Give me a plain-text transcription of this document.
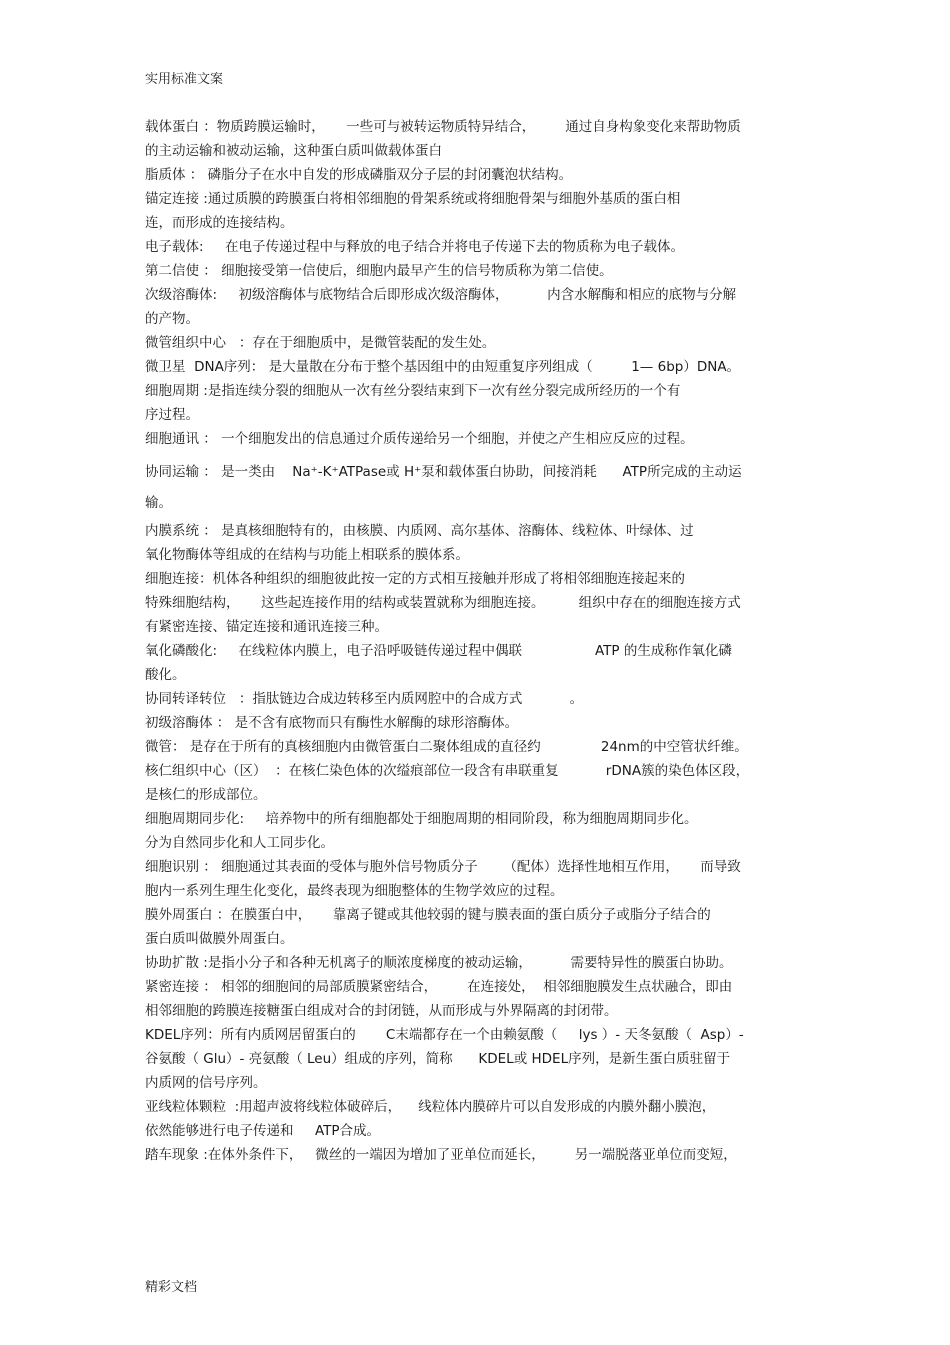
实用标准文案

载体蛋白 ：物质跨膜运输时，     一些可与被转运物质特异结合，       通过自身构象变化来帮助物质
的主动运输和被动运输，这种蛋白质叫做载体蛋白

脂质体 ： 磷脂分子在水中自发的形成磷脂双分子层的封闭囊泡状结构。

锚定连接 :通过质膜的跨膜蛋白将相邻细胞的骨架系统或将细胞骨架与细胞外基质的蛋白相
连，而形成的连接结构。

电子载体:     在电子传递过程中与释放的电子结合并将电子传递下去的物质称为电子载体。

第二信使 ： 细胞接受第一信使后，细胞内最早产生的信号物质称为第二信使。

次级溶酶体:     初级溶酶体与底物结合后即形成次级溶酶体，         内含水解酶和相应的底物与分解
的产物。

微管组织中心   ：存在于细胞质中，是微管装配的发生处。

微卫星  DNA序列： 是大量散在分布于整个基因组中的由短重复序列组成（         1— 6bp）DNA。

细胞周期 :是指连续分裂的细胞从一次有丝分裂结束到下一次有丝分裂完成所经历的一个有
序过程。

细胞通讯 ： 一个细胞发出的信息通过介质传递给另一个细胞，并使之产生相应反应的过程。

协同运输 ： 是一类由    Na⁺-K⁺ATPase或 H⁺泵和载体蛋白协助，间接消耗      ATP所完成的主动运
输。

内膜系统 ： 是真核细胞特有的，由核膜、内质网、高尔基体、溶酶体、线粒体、叶绿体、过
氧化物酶体等组成的在结构与功能上相联系的膜体系。

细胞连接：机体各种组织的细胞彼此按一定的方式相互接触并形成了将相邻细胞连接起来的
特殊细胞结构，     这些起连接作用的结构或装置就称为细胞连接。        组织中存在的细胞连接方式
有紧密连接、锚定连接和通讯连接三种。

氧化磷酸化:     在线粒体内膜上，电子沿呼吸链传递过程中偶联                 ATP 的生成称作氧化磷
酸化。

协同转译转位   ：指肽链边合成边转移至内质网腔中的合成方式           。

初级溶酶体 ： 是不含有底物而只有酶性水解酶的球形溶酶体。

微管： 是存在于所有的真核细胞内由微管蛋白二聚体组成的直径约              24nm的中空管状纤维。

核仁组织中心（区）  ：在核仁染色体的次缢痕部位一段含有串联重复           rDNA簇的染色体区段，
是核仁的形成部位。

细胞周期同步化:     培养物中的所有细胞都处于细胞周期的相同阶段，称为细胞周期同步化。
分为自然同步化和人工同步化。

细胞识别 ： 细胞通过其表面的受体与胞外信号物质分子      （配体）选择性地相互作用，     而导致
胞内一系列生理生化变化，最终表现为细胞整体的生物学效应的过程。

膜外周蛋白 ：在膜蛋白中，     靠离子键或其他较弱的键与膜表面的蛋白质分子或脂分子结合的
蛋白质叫做膜外周蛋白。

协助扩散 :是指小分子和各种无机离子的顺浓度梯度的被动运输，         需要特异性的膜蛋白协助。

紧密连接 ： 相邻的细胞间的局部质膜紧密结合，       在连接处，  相邻细胞膜发生点状融合，即由
相邻细胞的跨膜连接糖蛋白组成对合的封闭链，从而形成与外界隔离的封闭带。

KDEL序列：所有内质网居留蛋白的       C末端都存在一个由赖氨酸（     lys ）- 天冬氨酸（  Asp）-
谷氨酸（ Glu）- 亮氨酸（ Leu）组成的序列，简称      KDEL或 HDEL序列，是新生蛋白质驻留于
内质网的信号序列。

亚线粒体颗粒  :用超声波将线粒体破碎后，    线粒体内膜碎片可以自发形成的内膜外翻小膜泡，
依然能够进行电子传递和     ATP合成。

踏车现象 :在体外条件下，   微丝的一端因为增加了亚单位而延长，       另一端脱落亚单位而变短，

精彩文档
